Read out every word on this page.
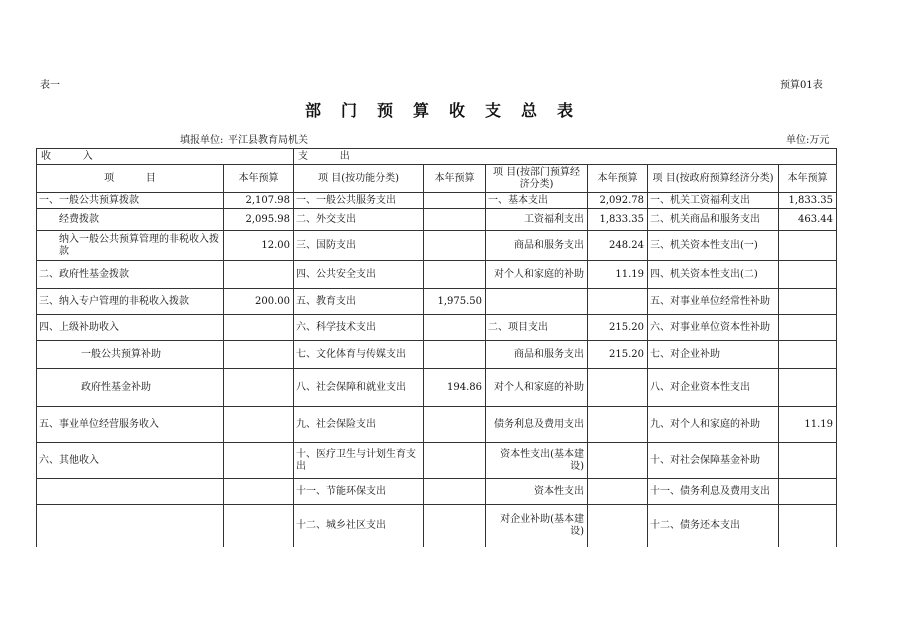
表一	预算01表
部门预算收支总表
填报单位: 平江县教育局机关	单位:万元
收          入		支          出					
项          目	本年预算	项 目(按功能分类)	本年预算	项 目(按部门预算经济分类)	本年预算	项 目(按政府预算经济分类)	本年预算
一、一般公共预算拨款	2,107.98	一、一般公共服务支出		一、基本支出	2,092.78	一、机关工资福利支出	1,833.35
经费拨款	2,095.98	二、外交支出		工资福利支出	1,833.35	二、机关商品和服务支出	463.44
纳入一般公共预算管理的非税收入拨款	12.00	三、国防支出		商品和服务支出	248.24	三、机关资本性支出(一)	
二、政府性基金拨款		四、公共安全支出		对个人和家庭的补助	11.19	四、机关资本性支出(二)	
三、纳入专户管理的非税收入拨款	200.00	五、教育支出	1,975.50			五、对事业单位经常性补助	
四、上级补助收入		六、科学技术支出		二、项目支出	215.20	六、对事业单位资本性补助	
一般公共预算补助		七、文化体育与传媒支出		商品和服务支出	215.20	七、对企业补助	
政府性基金补助		八、社会保障和就业支出	194.86	对个人和家庭的补助		八、对企业资本性支出	
五、事业单位经营服务收入		九、社会保险支出		债务利息及费用支出		九、对个人和家庭的补助	11.19
六、其他收入		十、医疗卫生与计划生育支出		资本性支出(基本建设)		十、对社会保障基金补助	
		十一、节能环保支出		资本性支出		十一、债务利息及费用支出	
		十二、城乡社区支出		对企业补助(基本建设)		十二、债务还本支出	
